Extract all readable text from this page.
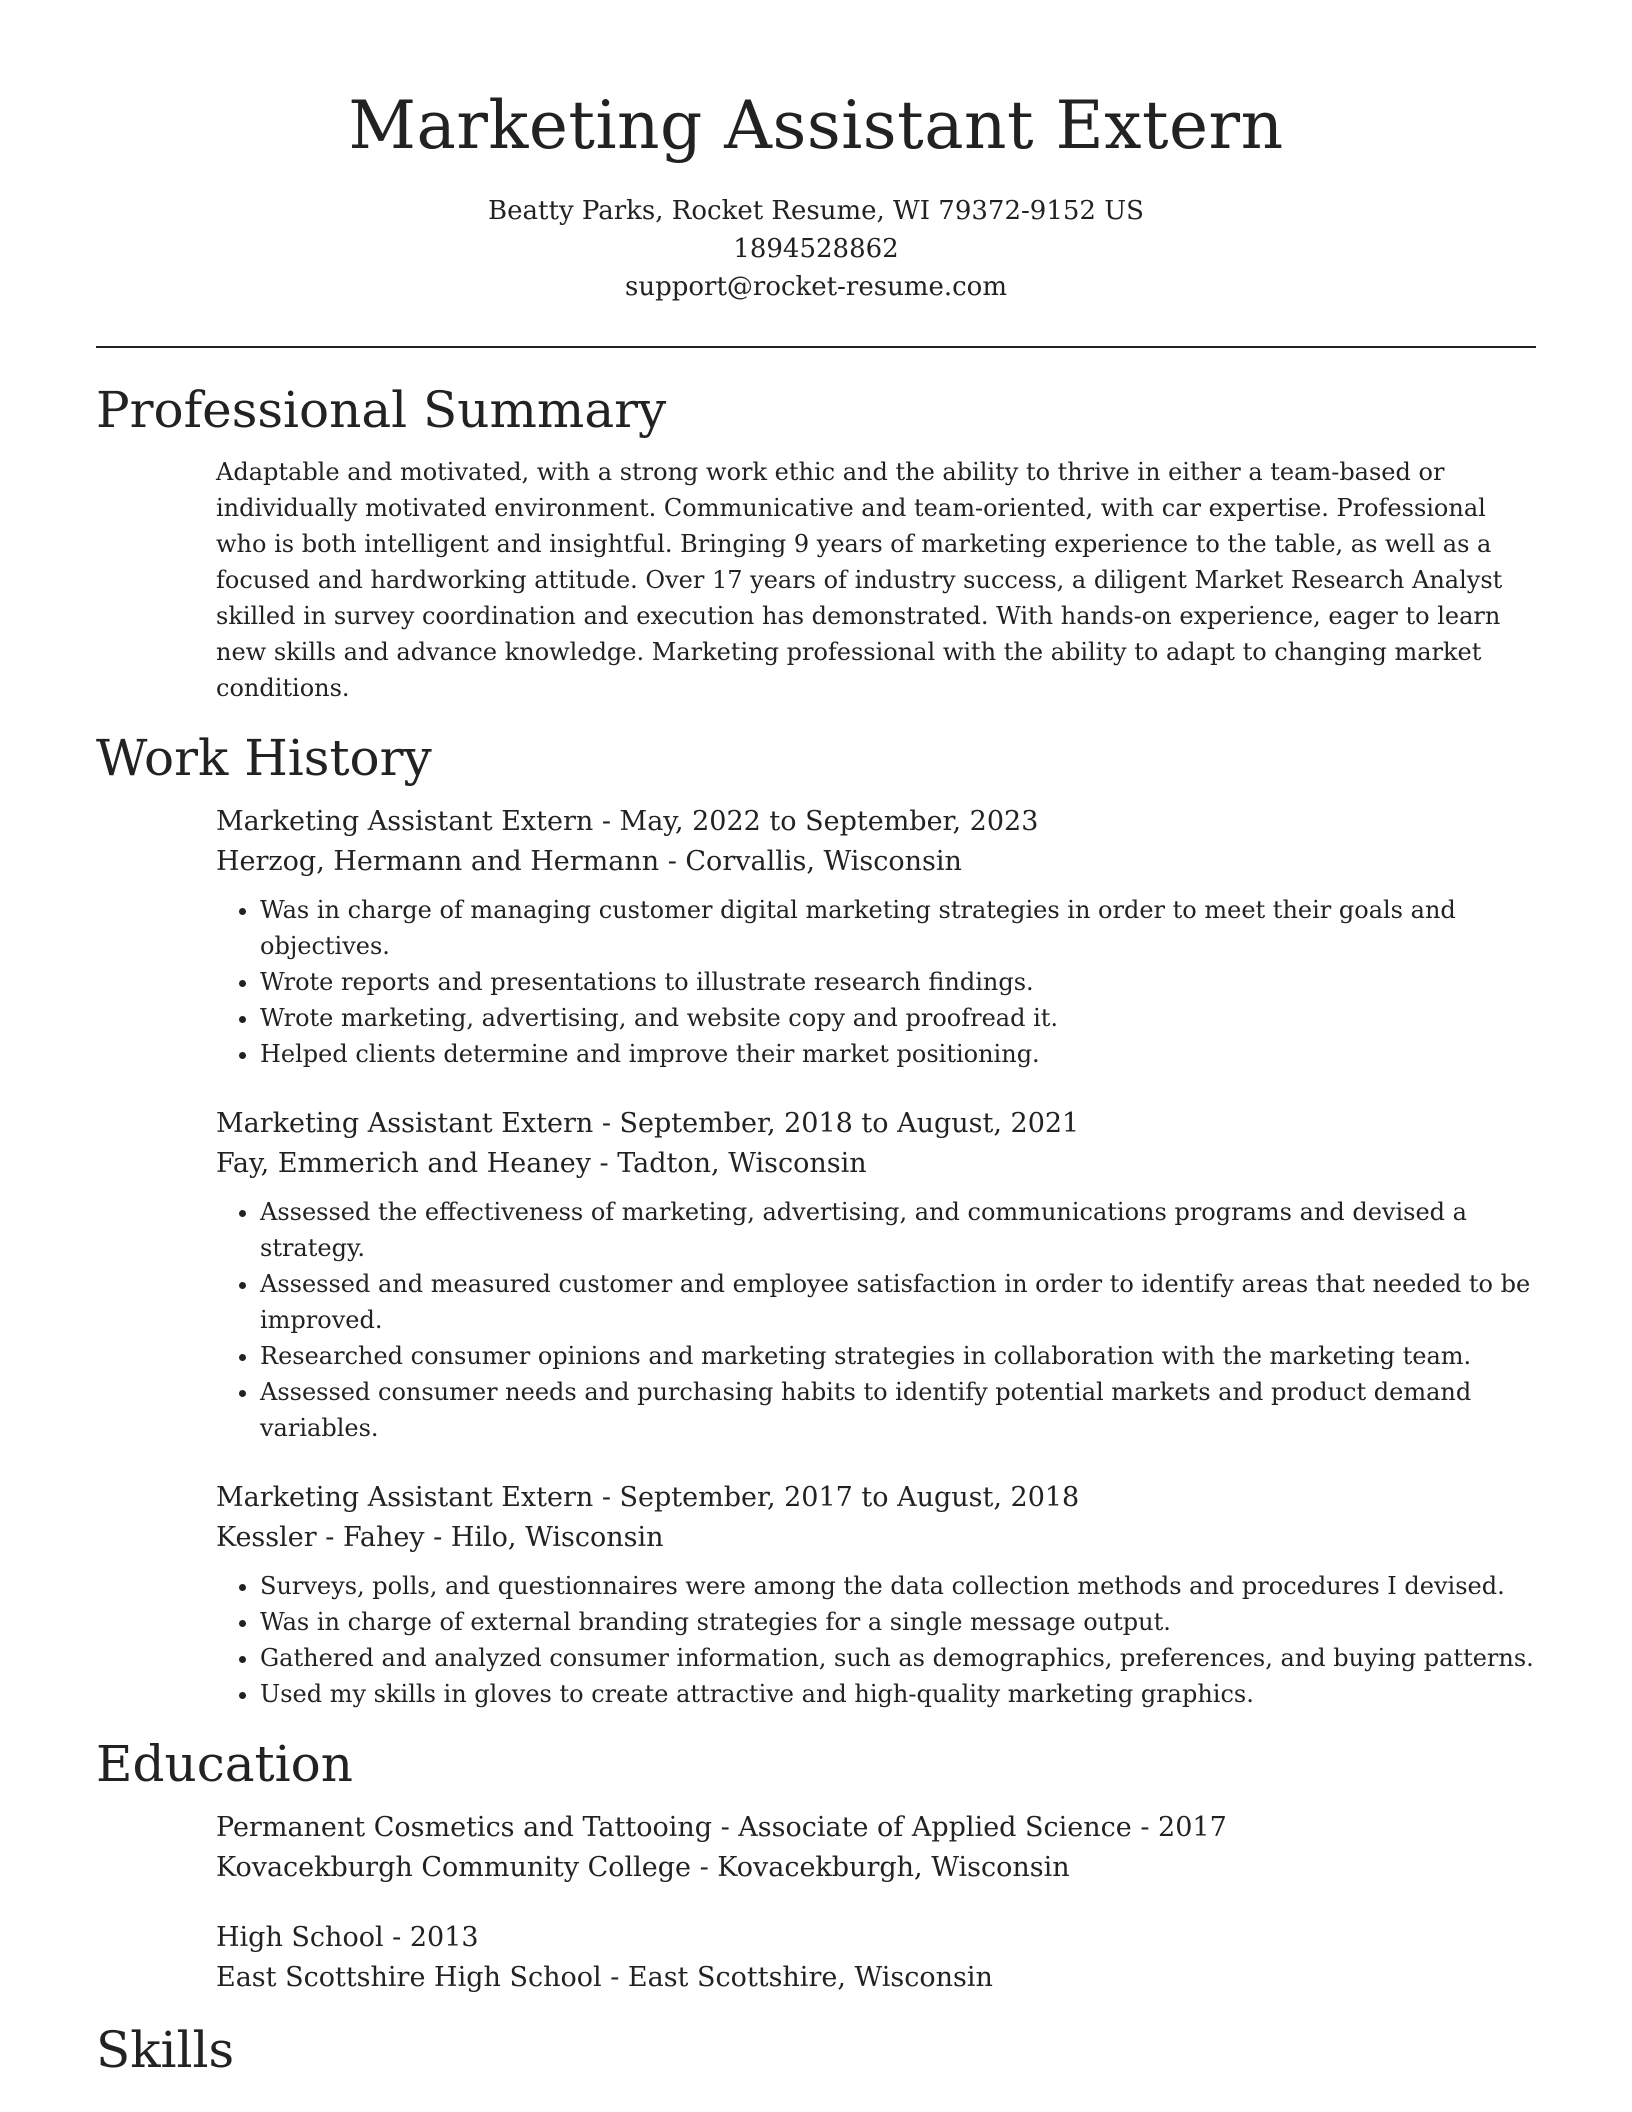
Marketing Assistant Extern
Beatty Parks, Rocket Resume, WI 79372-9152 US
1894528862
support@rocket-resume.com
Professional Summary

Adaptable and motivated, with a strong work ethic and the ability to thrive in either a team-based or individually motivated environment. Communicative and team-oriented, with car expertise. Professional who is both intelligent and insightful. Bringing 9 years of marketing experience to the table, as well as a focused and hardworking attitude. Over 17 years of industry success, a diligent Market Research Analyst skilled in survey coordination and execution has demonstrated. With hands-on experience, eager to learn new skills and advance knowledge. Marketing professional with the ability to adapt to changing market conditions.

Work History
Marketing Assistant Extern - May, 2022 to September, 2023
Herzog, Hermann and Hermann - Corvallis, Wisconsin
• Was in charge of managing customer digital marketing strategies in order to meet their goals and objectives.
• Wrote reports and presentations to illustrate research findings.
• Wrote marketing, advertising, and website copy and proofread it.
• Helped clients determine and improve their market positioning.
Marketing Assistant Extern - September, 2018 to August, 2021
Fay, Emmerich and Heaney - Tadton, Wisconsin
• Assessed the effectiveness of marketing, advertising, and communications programs and devised a strategy.
• Assessed and measured customer and employee satisfaction in order to identify areas that needed to be improved.
• Researched consumer opinions and marketing strategies in collaboration with the marketing team.
• Assessed consumer needs and purchasing habits to identify potential markets and product demand variables.
Marketing Assistant Extern - September, 2017 to August, 2018
Kessler - Fahey - Hilo, Wisconsin
• Surveys, polls, and questionnaires were among the data collection methods and procedures I devised.
• Was in charge of external branding strategies for a single message output.
• Gathered and analyzed consumer information, such as demographics, preferences, and buying patterns.
• Used my skills in gloves to create attractive and high-quality marketing graphics.
Education
Permanent Cosmetics and Tattooing - Associate of Applied Science - 2017
Kovacekburgh Community College - Kovacekburgh, Wisconsin
High School - 2013
East Scottshire High School - East Scottshire, Wisconsin
Skills
